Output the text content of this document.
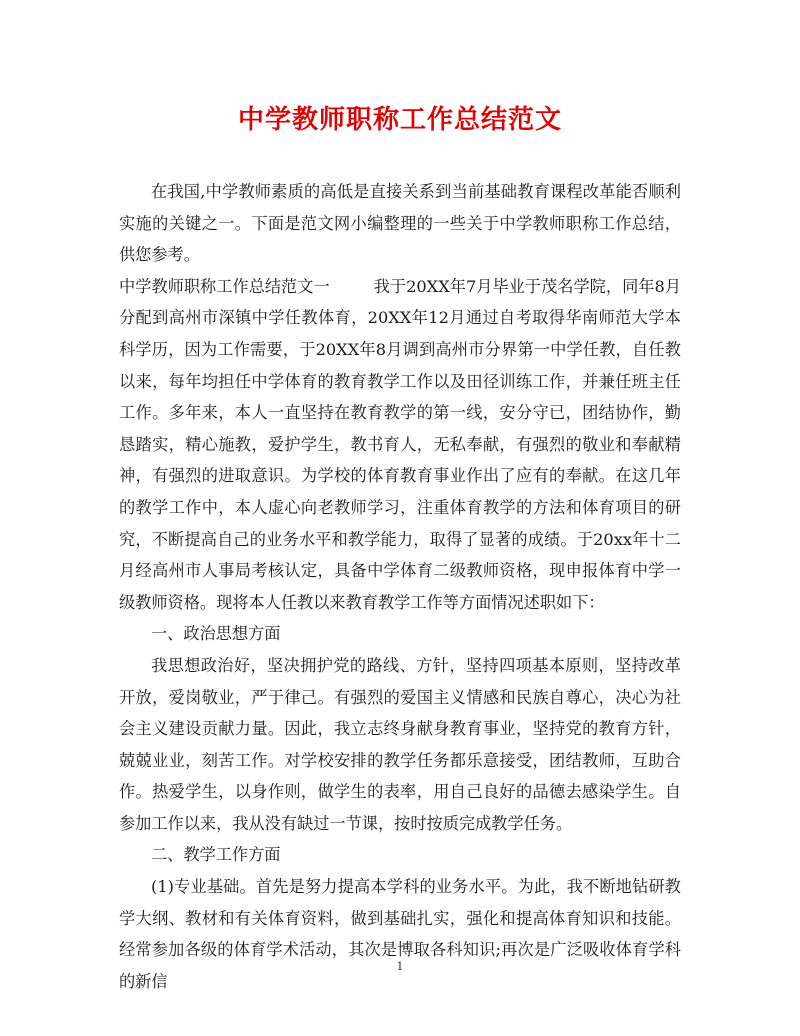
中学教师职称工作总结范文

在我国,中学教师素质的高低是直接关系到当前基础教育课程改革能否顺利实施的关键之一。下面是范文网小编整理的一些关于中学教师职称工作总结，供您参考。

中学教师职称工作总结范文一	我于20XX年7月毕业于茂名学院，同年8月分配到高州市深镇中学任教体育，20XX年12月通过自考取得华南师范大学本科学历，因为工作需要，于20XX年8月调到高州市分界第一中学任教，自任教以来，每年均担任中学体育的教育教学工作以及田径训练工作，并兼任班主任工作。多年来，本人一直坚持在教育教学的第一线，安分守已，团结协作，勤恳踏实，精心施教，爱护学生，教书育人，无私奉献，有强烈的敬业和奉献精神，有强烈的进取意识。为学校的体育教育事业作出了应有的奉献。在这几年的教学工作中，本人虚心向老教师学习，注重体育教学的方法和体育项目的研究，不断提高自己的业务水平和教学能力，取得了显著的成绩。于20xx年十二月经高州市人事局考核认定，具备中学体育二级教师资格，现申报体育中学一级教师资格。现将本人任教以来教育教学工作等方面情况述职如下：

一、政治思想方面

我思想政治好，坚决拥护党的路线、方针，坚持四项基本原则，坚持改革开放，爱岗敬业，严于律己。有强烈的爱国主义情感和民族自尊心，决心为社会主义建设贡献力量。因此，我立志终身献身教育事业，坚持党的教育方针，兢兢业业，刻苦工作。对学校安排的教学任务都乐意接受，团结教师，互助合作。热爱学生，以身作则，做学生的表率，用自己良好的品德去感染学生。自参加工作以来，我从没有缺过一节课，按时按质完成教学任务。

二、教学工作方面

(1)专业基础。首先是努力提高本学科的业务水平。为此，我不断地钻研教学大纲、教材和有关体育资料，做到基础扎实，强化和提高体育知识和技能。经常参加各级的体育学术活动，其次是博取各科知识;再次是广泛吸收体育学科的新信

1
